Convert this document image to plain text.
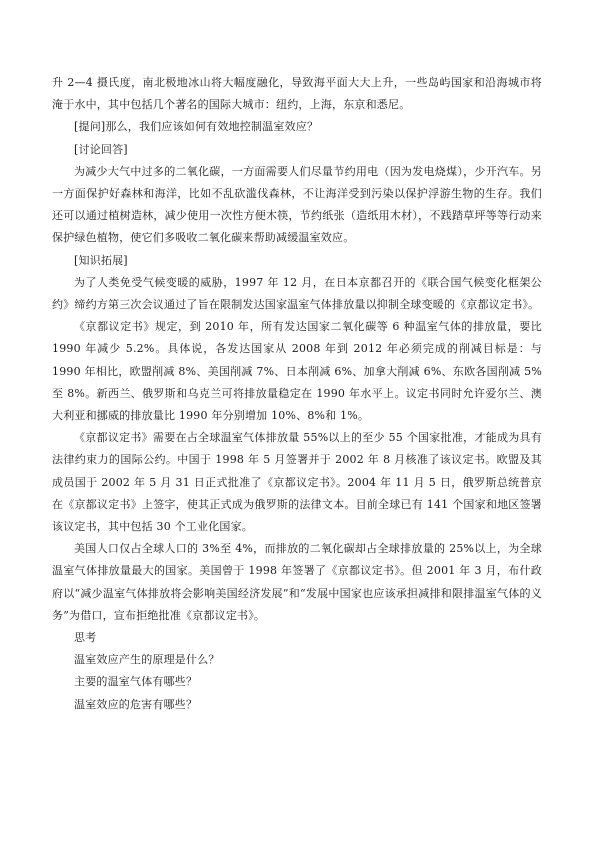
升 2—4 摄氏度，南北极地冰山将大幅度融化，导致海平面大大上升，一些岛屿国家和沿海城市将淹于水中，其中包括几个著名的国际大城市：纽约，上海，东京和悉尼。

[提问]那么，我们应该如何有效地控制温室效应？

[讨论回答]

为减少大气中过多的二氧化碳，一方面需要人们尽量节约用电（因为发电烧煤），少开汽车。另一方面保护好森林和海洋，比如不乱砍滥伐森林，不让海洋受到污染以保护浮游生物的生存。我们还可以通过植树造林，减少使用一次性方便木筷，节约纸张（造纸用木材），不践踏草坪等等行动来保护绿色植物，使它们多吸收二氧化碳来帮助减缓温室效应。

[知识拓展]

为了人类免受气候变暖的威胁，1997 年 12 月，在日本京都召开的《联合国气候变化框架公约》缔约方第三次会议通过了旨在限制发达国家温室气体排放量以抑制全球变暖的《京都议定书》。

《京都议定书》规定，到 2010 年，所有发达国家二氧化碳等 6 种温室气体的排放量，要比 1990 年减少 5.2%。具体说，各发达国家从 2008 年到 2012 年必须完成的削减目标是：与 1990 年相比，欧盟削减 8%、美国削减 7%、日本削减 6%、加拿大削减 6%、东欧各国削减 5%至 8%。新西兰、俄罗斯和乌克兰可将排放量稳定在 1990 年水平上。议定书同时允许爱尔兰、澳大利亚和挪威的排放量比 1990 年分别增加 10%、8%和 1%。

《京都议定书》需要在占全球温室气体排放量 55%以上的至少 55 个国家批准，才能成为具有法律约束力的国际公约。中国于 1998 年 5 月签署并于 2002 年 8 月核准了该议定书。欧盟及其成员国于 2002 年 5 月 31 日正式批准了《京都议定书》。2004 年 11 月 5 日，俄罗斯总统普京在《京都议定书》上签字，使其正式成为俄罗斯的法律文本。目前全球已有 141 个国家和地区签署该议定书，其中包括 30 个工业化国家。

美国人口仅占全球人口的 3%至 4%，而排放的二氧化碳却占全球排放量的 25%以上，为全球温室气体排放量最大的国家。美国曾于 1998 年签署了《京都议定书》。但 2001 年 3 月，布什政府以“减少温室气体排放将会影响美国经济发展”和“发展中国家也应该承担减排和限排温室气体的义务”为借口，宣布拒绝批准《京都议定书》。

思考

温室效应产生的原理是什么？

主要的温室气体有哪些？

温室效应的危害有哪些？
